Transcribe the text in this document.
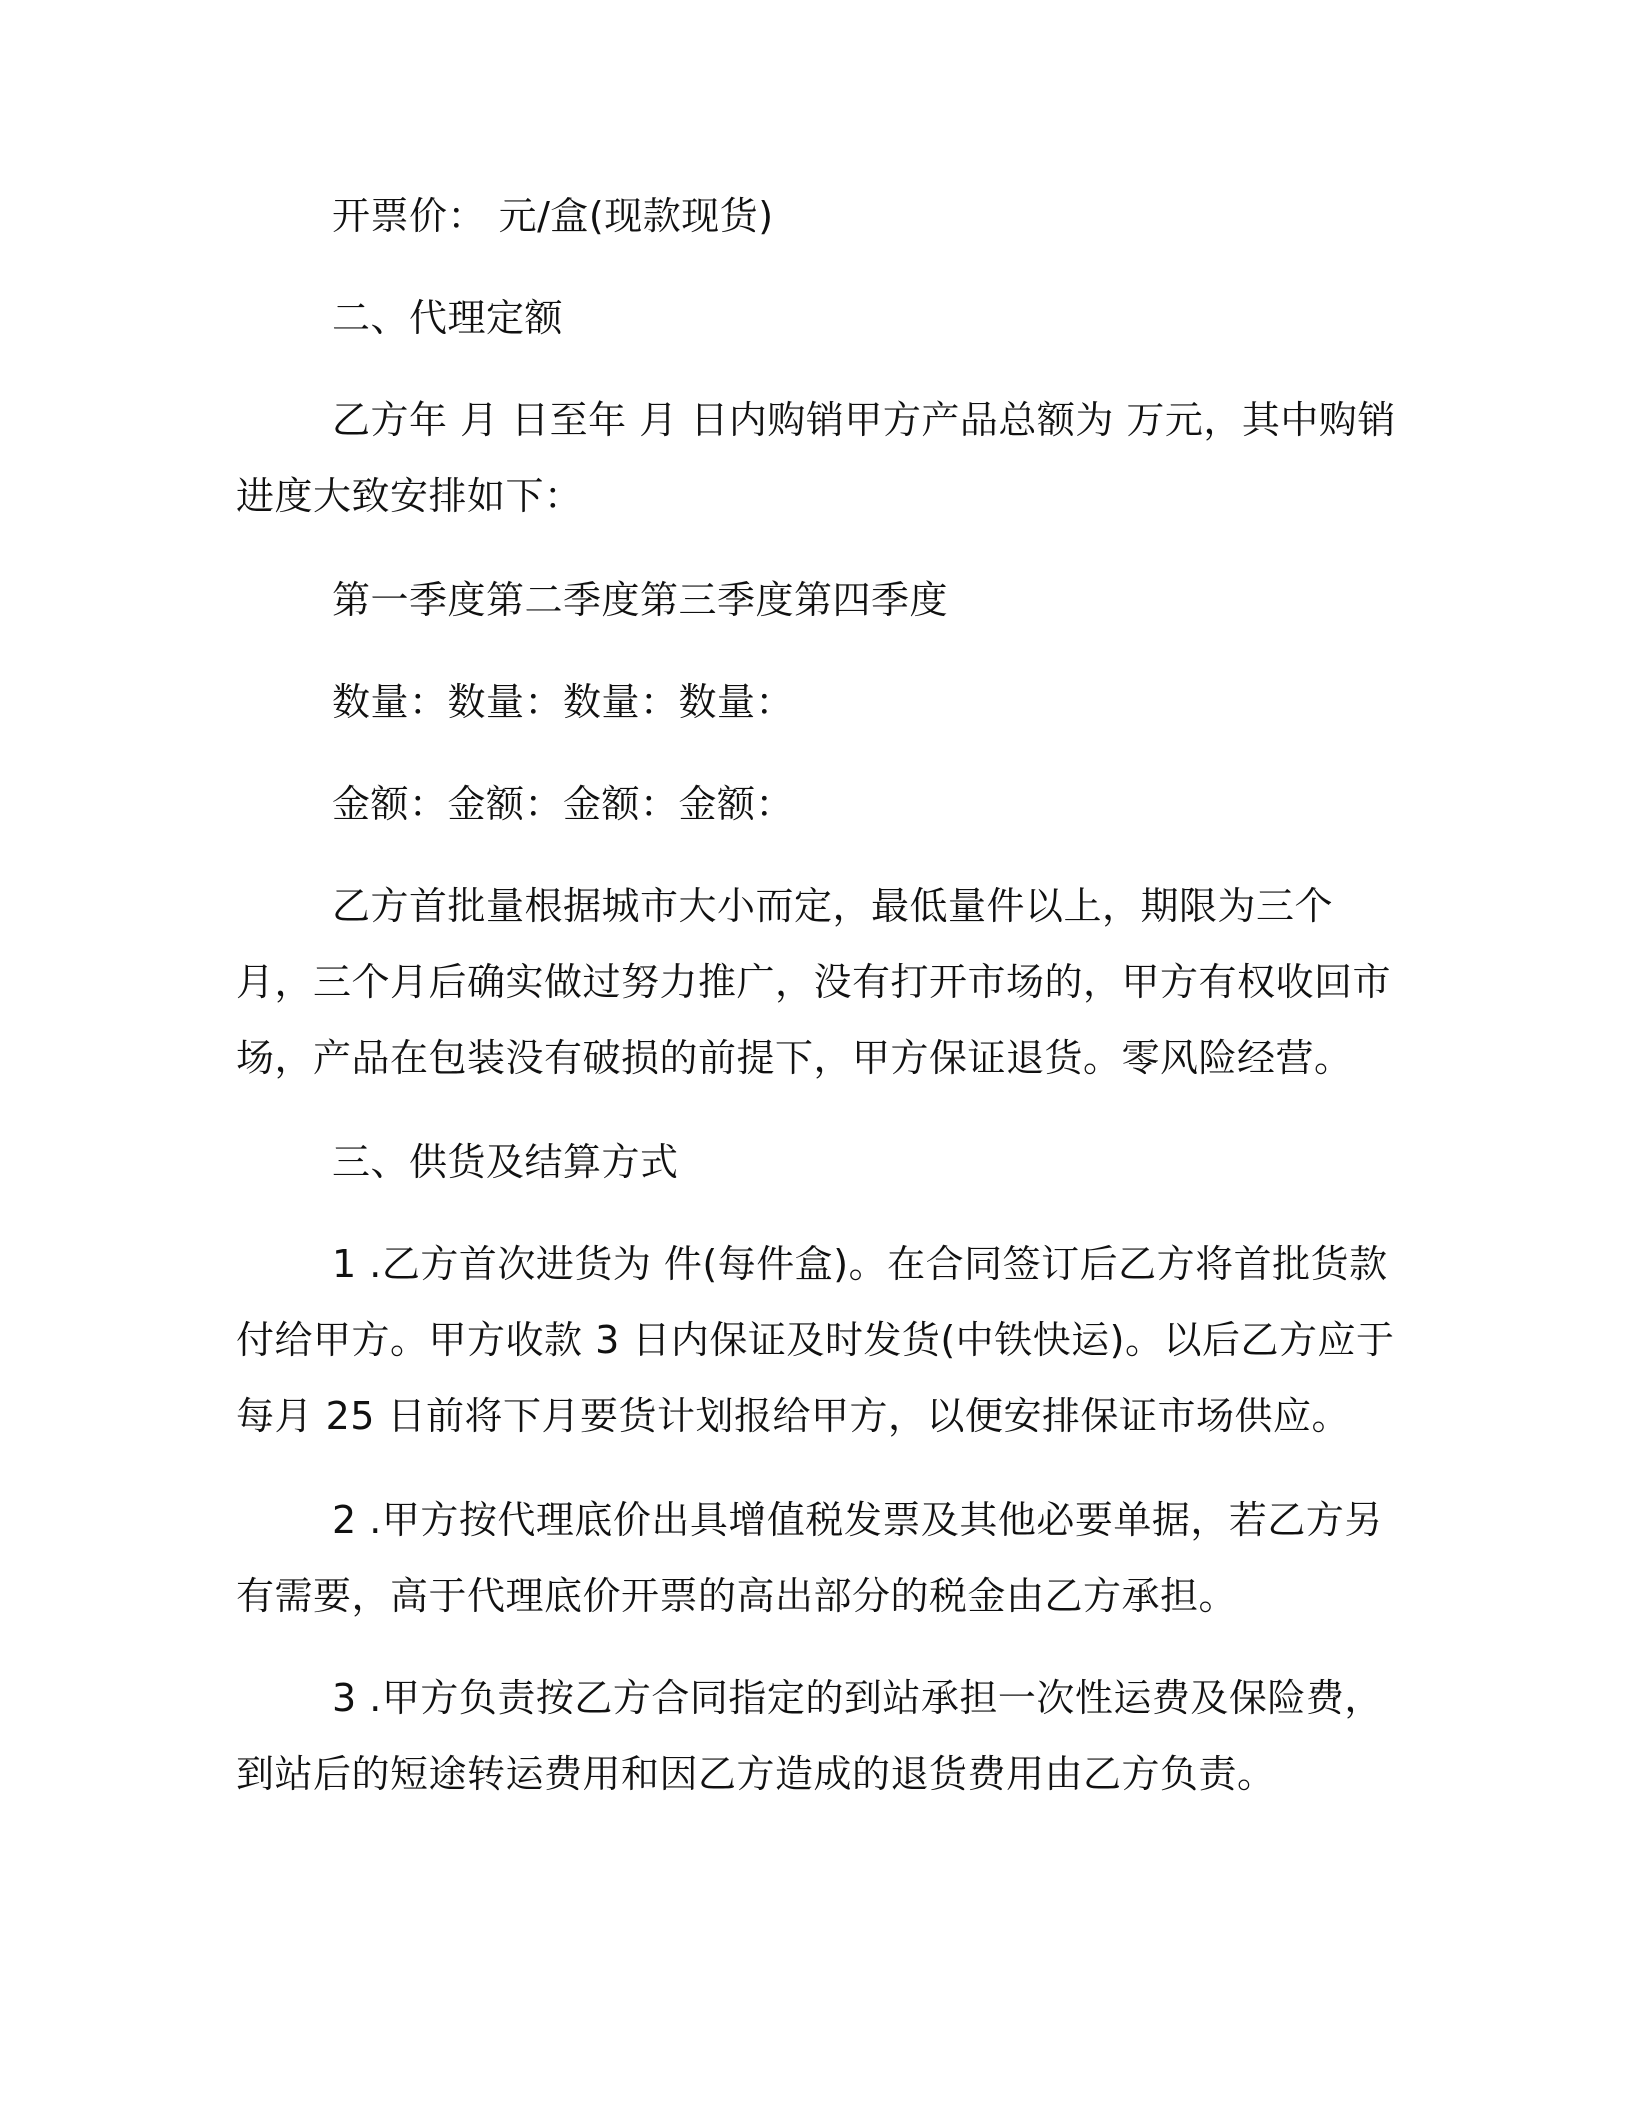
开票价： 元/盒(现款现货)

二、代理定额

乙方年 月 日至年 月 日内购销甲方产品总额为 万元，其中购销进度大致安排如下：

第一季度第二季度第三季度第四季度

数量：数量：数量：数量：

金额：金额：金额：金额：

乙方首批量根据城市大小而定，最低量件以上，期限为三个月，三个月后确实做过努力推广，没有打开市场的，甲方有权收回市场，产品在包装没有破损的前提下，甲方保证退货。零风险经营。

三、供货及结算方式

1 .乙方首次进货为 件(每件盒)。在合同签订后乙方将首批货款付给甲方。甲方收款 3 日内保证及时发货(中铁快运)。以后乙方应于每月 25 日前将下月要货计划报给甲方，以便安排保证市场供应。

2 .甲方按代理底价出具增值税发票及其他必要单据，若乙方另有需要，高于代理底价开票的高出部分的税金由乙方承担。

3 .甲方负责按乙方合同指定的到站承担一次性运费及保险费，到站后的短途转运费用和因乙方造成的退货费用由乙方负责。
